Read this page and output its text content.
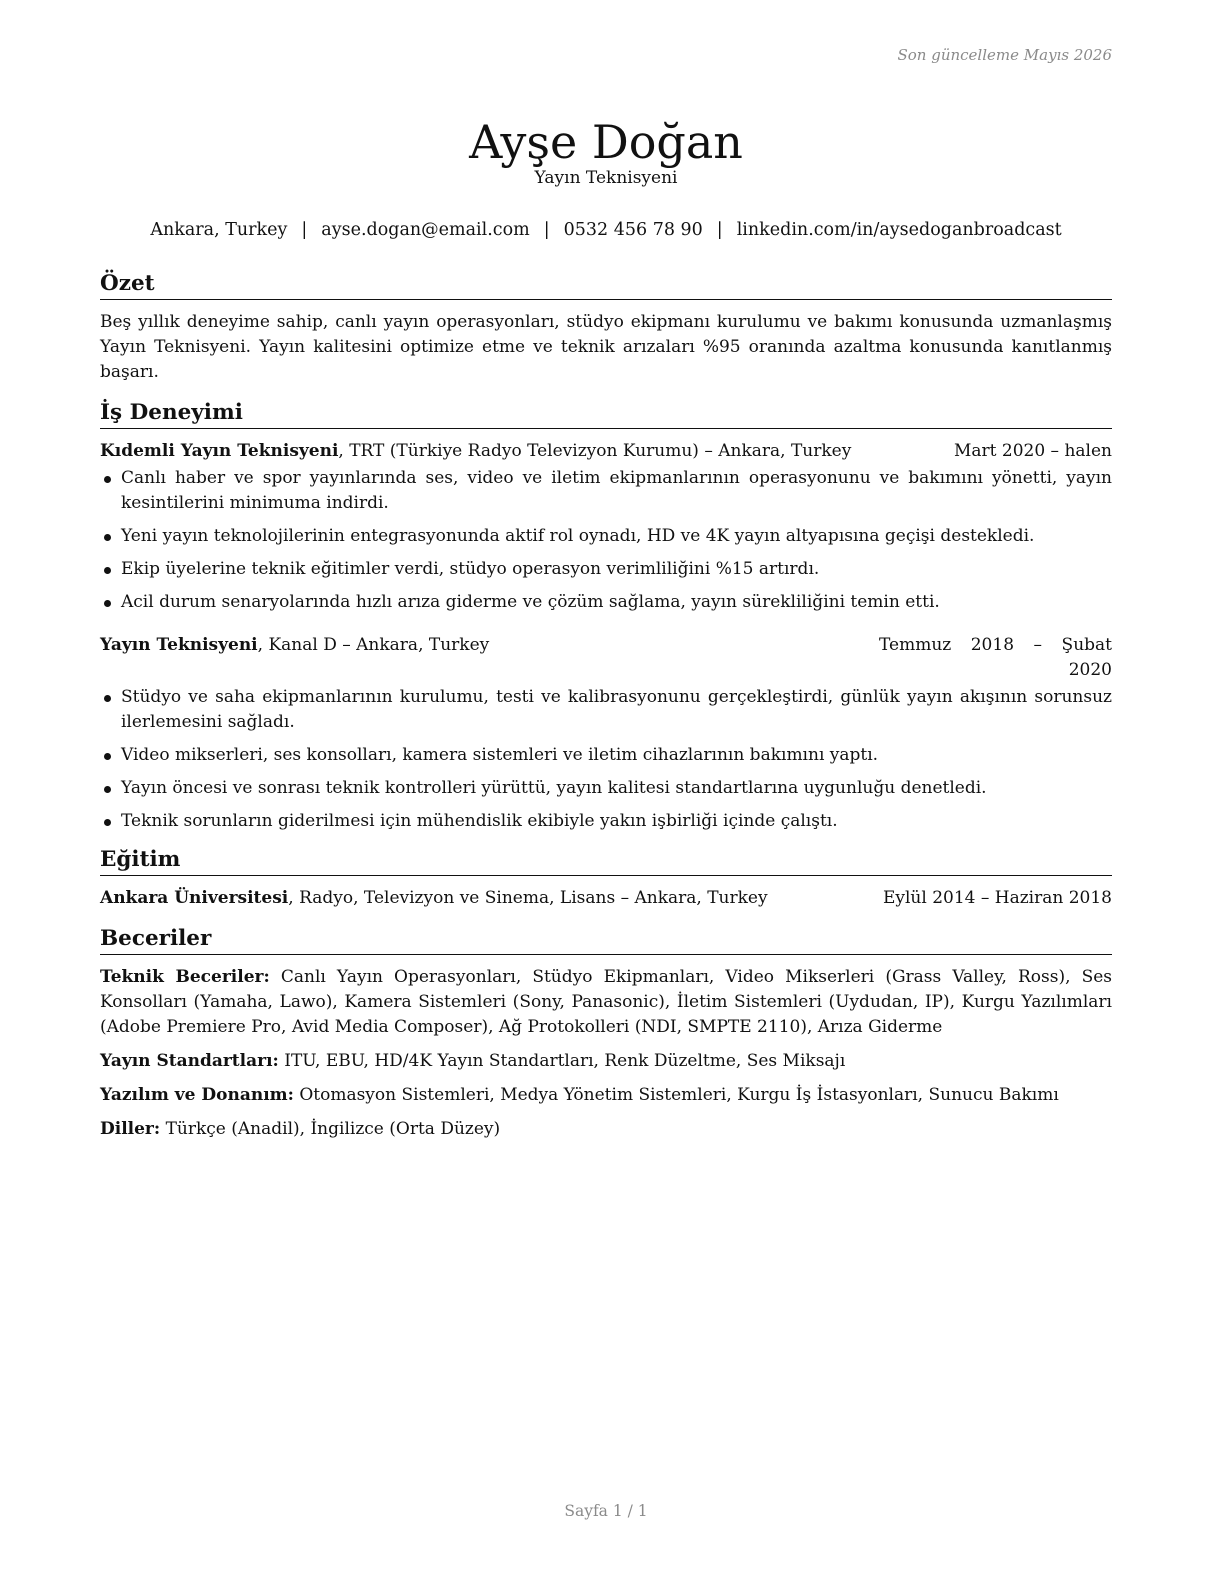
Son güncelleme Mayıs 2026
Ayşe Doğan
Yayın Teknisyeni
Ankara, Turkey | ayse.dogan@email.com | 0532 456 78 90 | linkedin.com/in/aysedoganbroadcast
Özet

Beş yıllık deneyime sahip, canlı yayın operasyonları, stüdyo ekipmanı kurulumu ve bakımı konusunda uzmanlaşmış Yayın Teknisyeni. Yayın kalitesini optimize etme ve teknik arızaları %95 oranında azaltma konusunda kanıtlanmış başarı.

İş Deneyimi
Kıdemli Yayın Teknisyeni, TRT (Türkiye Radyo Televizyon Kurumu) – Ankara, Turkey	Mart 2020 – halen
Canlı haber ve spor yayınlarında ses, video ve iletim ekipmanlarının operasyonunu ve bakımını yönetti, yayın kesintilerini minimuma indirdi.
Yeni yayın teknolojilerinin entegrasyonunda aktif rol oynadı, HD ve 4K yayın altyapısına geçişi destekledi.
Ekip üyelerine teknik eğitimler verdi, stüdyo operasyon verimliliğini %15 artırdı.
Acil durum senaryolarında hızlı arıza giderme ve çözüm sağlama, yayın sürekliliğini temin etti.
Yayın Teknisyeni, Kanal D – Ankara, Turkey	Temmuz 2018 – Şubat 2020
Stüdyo ve saha ekipmanlarının kurulumu, testi ve kalibrasyonunu gerçekleştirdi, günlük yayın akışının sorunsuz ilerlemesini sağladı.
Video mikserleri, ses konsolları, kamera sistemleri ve iletim cihazlarının bakımını yaptı.
Yayın öncesi ve sonrası teknik kontrolleri yürüttü, yayın kalitesi standartlarına uygunluğu denetledi.
Teknik sorunların giderilmesi için mühendislik ekibiyle yakın işbirliği içinde çalıştı.
Eğitim
Ankara Üniversitesi, Radyo, Televizyon ve Sinema, Lisans – Ankara, Turkey	Eylül 2014 – Haziran 2018
Beceriler

Teknik Beceriler: Canlı Yayın Operasyonları, Stüdyo Ekipmanları, Video Mikserleri (Grass Valley, Ross), Ses Konsolları (Yamaha, Lawo), Kamera Sistemleri (Sony, Panasonic), İletim Sistemleri (Uydudan, IP), Kurgu Yazılımları (Adobe Premiere Pro, Avid Media Composer), Ağ Protokolleri (NDI, SMPTE 2110), Arıza Giderme

Yayın Standartları: ITU, EBU, HD/4K Yayın Standartları, Renk Düzeltme, Ses Miksajı

Yazılım ve Donanım: Otomasyon Sistemleri, Medya Yönetim Sistemleri, Kurgu İş İstasyonları, Sunucu Bakımı

Diller: Türkçe (Anadil), İngilizce (Orta Düzey)

Sayfa 1 / 1
